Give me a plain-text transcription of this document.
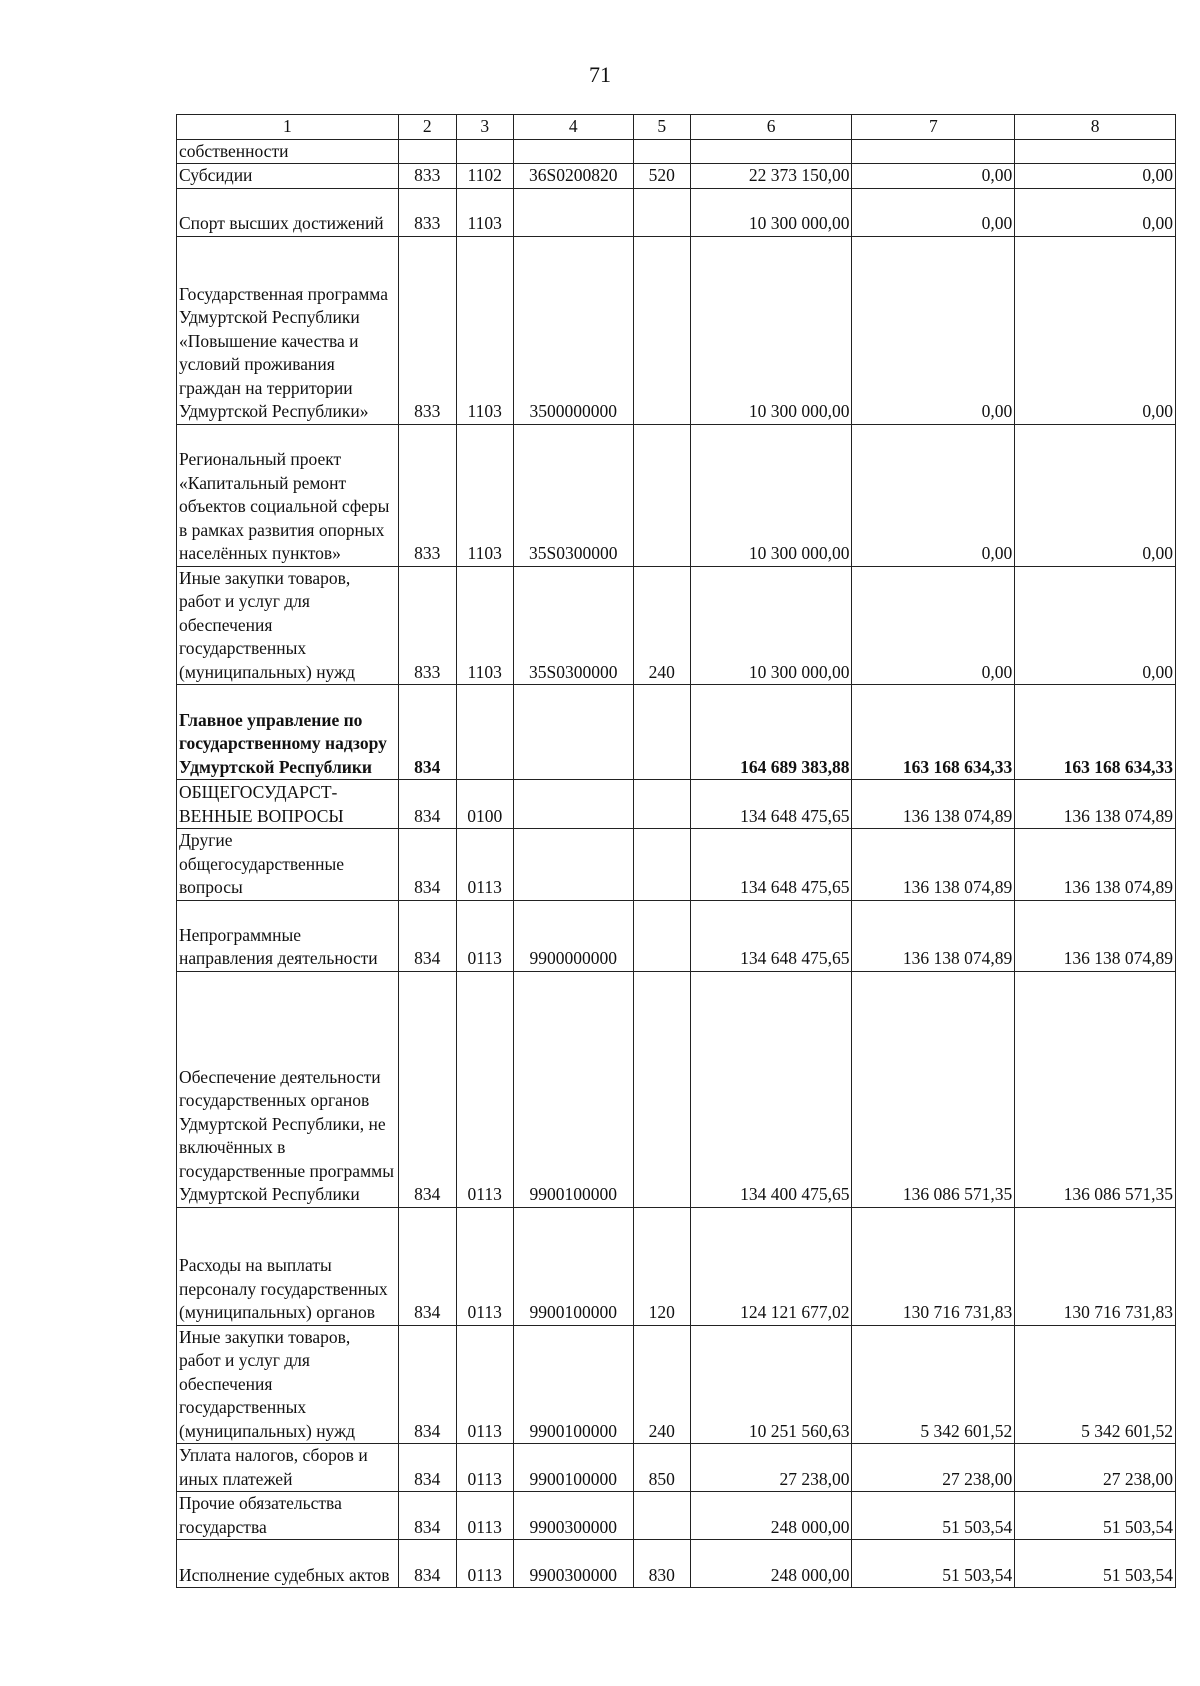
71
1	2	3	4	5	6	7	8
собственности							
Субсидии	833	1102	36S0200820	520	22 373 150,00	0,00	0,00
Спорт высших достижений	833	1103			10 300 000,00	0,00	0,00
Государственная программа Удмуртской Республики «Повышение качества и условий проживания граждан на территории Удмуртской Республики»	833	1103	3500000000		10 300 000,00	0,00	0,00
Региональный проект «Капитальный ремонт объектов социальной сферы в рамках развития опорных населённых пунктов»	833	1103	35S0300000		10 300 000,00	0,00	0,00
Иные закупки товаров, работ и услуг для обеспечения государственных (муниципальных) нужд	833	1103	35S0300000	240	10 300 000,00	0,00	0,00
Главное управление по государственному надзору Удмуртской Республики	834				164 689 383,88	163 168 634,33	163 168 634,33
ОБЩЕГОСУДАРСТ-ВЕННЫЕ ВОПРОСЫ	834	0100			134 648 475,65	136 138 074,89	136 138 074,89
Другие общегосударственные вопросы	834	0113			134 648 475,65	136 138 074,89	136 138 074,89
Непрограммные направления деятельности	834	0113	9900000000		134 648 475,65	136 138 074,89	136 138 074,89
Обеспечение деятельности государственных органов Удмуртской Республики, не включённых в государственные программы Удмуртской Республики	834	0113	9900100000		134 400 475,65	136 086 571,35	136 086 571,35
Расходы на выплаты персоналу государственных (муниципальных) органов	834	0113	9900100000	120	124 121 677,02	130 716 731,83	130 716 731,83
Иные закупки товаров, работ и услуг для обеспечения государственных (муниципальных) нужд	834	0113	9900100000	240	10 251 560,63	5 342 601,52	5 342 601,52
Уплата налогов, сборов и иных платежей	834	0113	9900100000	850	27 238,00	27 238,00	27 238,00
Прочие обязательства государства	834	0113	9900300000		248 000,00	51 503,54	51 503,54
Исполнение судебных актов	834	0113	9900300000	830	248 000,00	51 503,54	51 503,54
